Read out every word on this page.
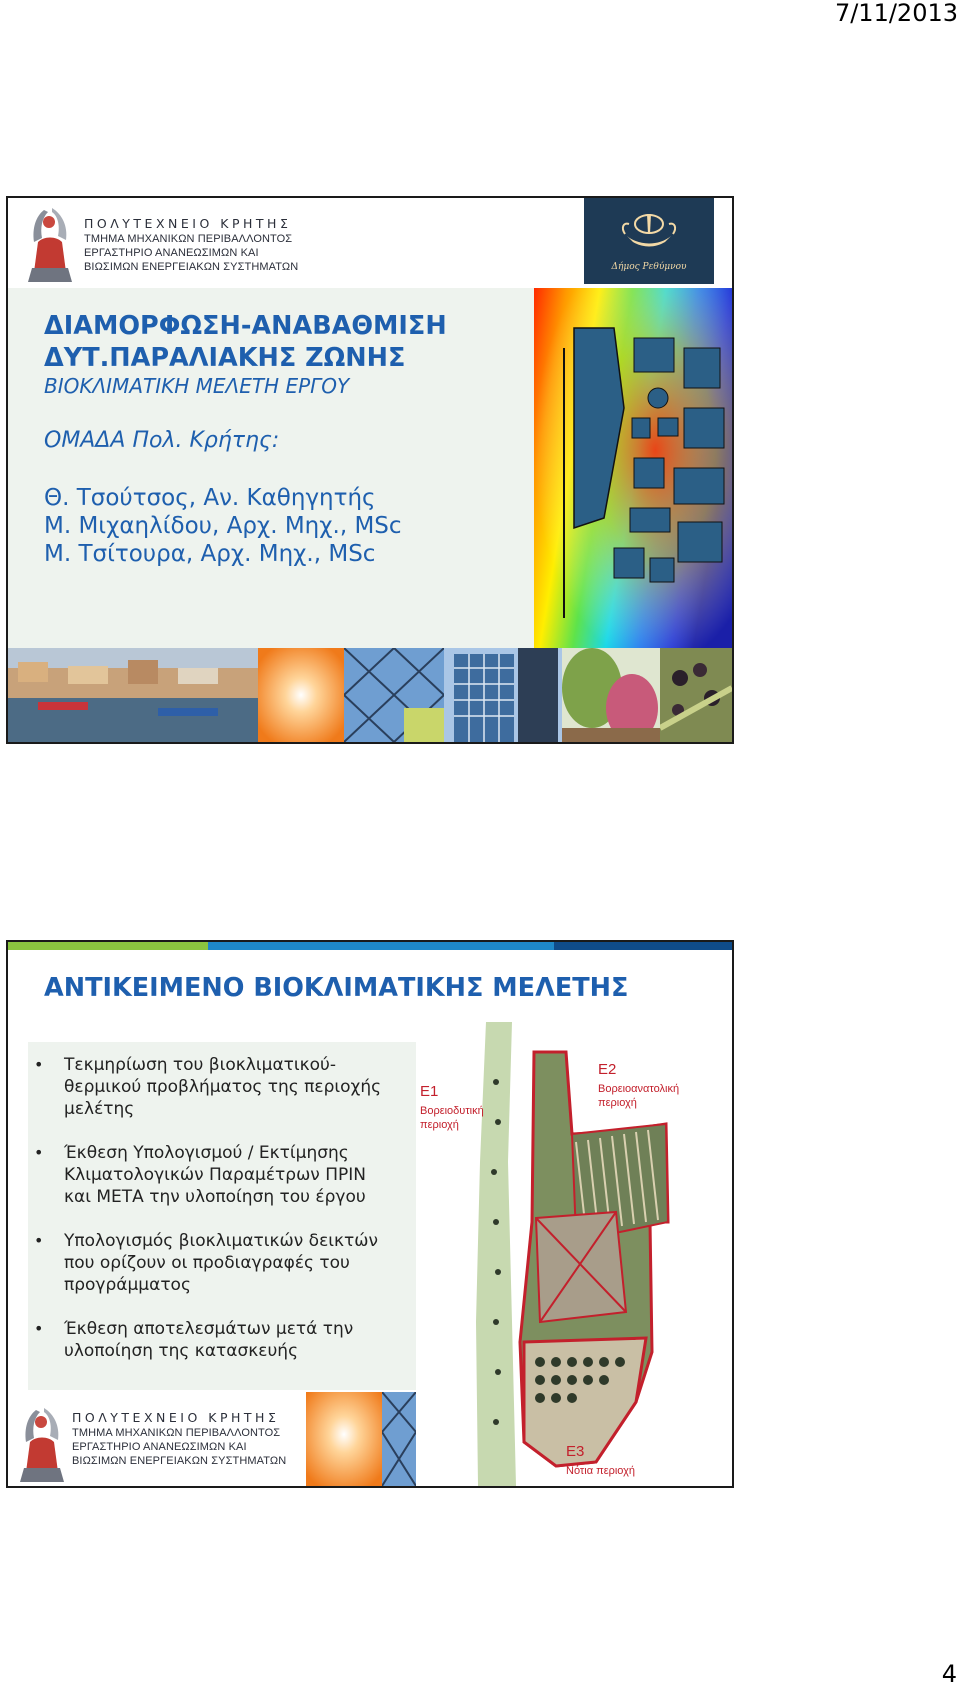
7/11/2013
ΠΟΛΥΤΕΧΝΕΙΟ ΚΡΗΤΗΣ
ΤΜΗΜΑ ΜΗΧΑΝΙΚΩΝ ΠΕΡΙΒΑΛΛΟΝΤΟΣ
ΕΡΓΑΣΤΗΡΙΟ ΑΝΑΝΕΩΣΙΜΩΝ ΚΑΙ
ΒΙΩΣΙΜΩΝ ΕΝΕΡΓΕΙΑΚΩΝ ΣΥΣΤΗΜΑΤΩΝ	Δήμος Ρεθύμνου
ΔΙΑΜΟΡΦΩΣΗ-ΑΝΑΒΑΘΜΙΣΗ
ΔΥΤ.ΠΑΡΑΛΙΑΚΗΣ ΖΩΝΗΣ
ΒΙΟΚΛΙΜΑΤΙΚΗ ΜΕΛΕΤΗ ΕΡΓΟΥ
ΟΜΑΔΑ Πολ. Κρήτης:
Θ. Τσούτσος, Αν. Καθηγητής
Μ. Μιχαηλίδου, Αρχ. Μηχ., MSc
Μ. Τσίτουρα, Αρχ. Μηχ., MSc
ΑΝΤΙΚΕΙΜΕΝΟ ΒΙΟΚΛΙΜΑΤΙΚΗΣ ΜΕΛΕΤΗΣ
• Τεκμηρίωση του βιοκλιματικού-
θερμικού προβλήματος της περιοχής
μελέτης
• Έκθεση Υπολογισμού / Εκτίμησης
Κλιματολογικών Παραμέτρων ΠΡΙΝ
και ΜΕΤΑ την υλοποίηση του έργου
• Υπολογισμός βιοκλιματικών δεικτών
που ορίζουν οι προδιαγραφές του
προγράμματος
• Έκθεση αποτελεσμάτων μετά την
υλοποίηση της κατασκευής
Ε1
Βορειοδυτική
περιοχή
Ε2
Βορειοανατολική
περιοχή
Ε3
Νότια περιοχή
ΠΟΛΥΤΕΧΝΕΙΟ ΚΡΗΤΗΣ
ΤΜΗΜΑ ΜΗΧΑΝΙΚΩΝ ΠΕΡΙΒΑΛΛΟΝΤΟΣ
ΕΡΓΑΣΤΗΡΙΟ ΑΝΑΝΕΩΣΙΜΩΝ ΚΑΙ
ΒΙΩΣΙΜΩΝ ΕΝΕΡΓΕΙΑΚΩΝ ΣΥΣΤΗΜΑΤΩΝ
4
